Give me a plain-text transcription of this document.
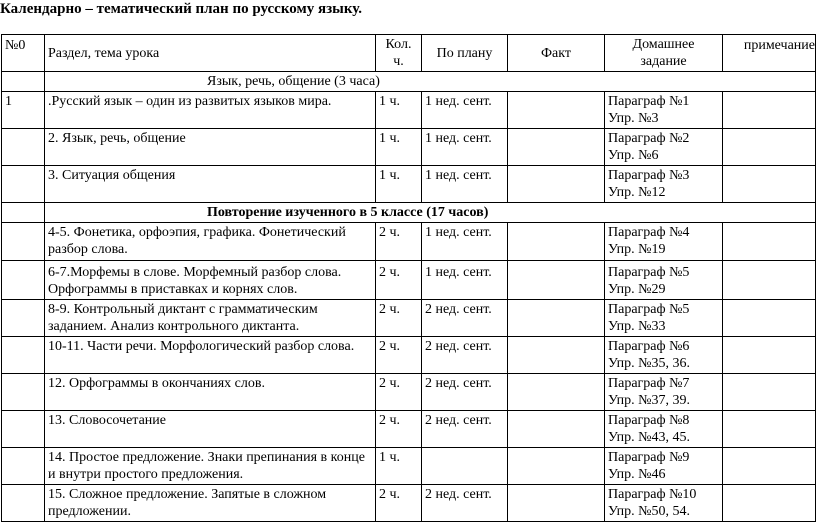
Календарно – тематический план по русскому языку.
№0	Раздел, тема урока	Кол. ч.	По плану	Факт	Домашнее задание	примечание
	Язык, речь, общение (3 часа)					
1	.Русский язык – один из развитых языков мира.	1 ч.	1 нед. сент.		Параграф №1
Упр. №3	

	2. Язык, речь, общение	1 ч.	1 нед. сент.		Параграф №2
Упр. №6	

	3. Ситуация общения	1 ч.	1 нед. сент.		Параграф №3
Упр. №12	

	Повторение изученного в 5 классе (17 часов)					
	4-5. Фонетика, орфоэпия, графика. Фонетический разбор слова.	2 ч.	1 нед. сент.		Параграф №4
Упр. №19	

	6-7.Морфемы в слове. Морфемный разбор слова. Орфограммы в приставках и корнях слов.	2 ч.	1 нед. сент.		Параграф №5
Упр. №29	

	8-9. Контрольный диктант с грамматическим заданием. Анализ контрольного диктанта.	2 ч.	2 нед. сент.		Параграф №5
Упр. №33	

	10-11. Части речи. Морфологический разбор слова.	2 ч.	2 нед. сент.		Параграф №6
Упр. №35, 36.	

	12. Орфограммы в окончаниях слов.	2 ч.	2 нед. сент.		Параграф №7
Упр. №37, 39.	

	13. Словосочетание	2 ч.	2 нед. сент.		Параграф №8
Упр. №43, 45.	

	14. Простое предложение. Знаки препинания в конце и внутри простого предложения.	1 ч.			Параграф №9
Упр. №46	

	15. Сложное предложение. Запятые в сложном предложении.	2 ч.	2 нед. сент.		Параграф №10
Упр. №50, 54.	
